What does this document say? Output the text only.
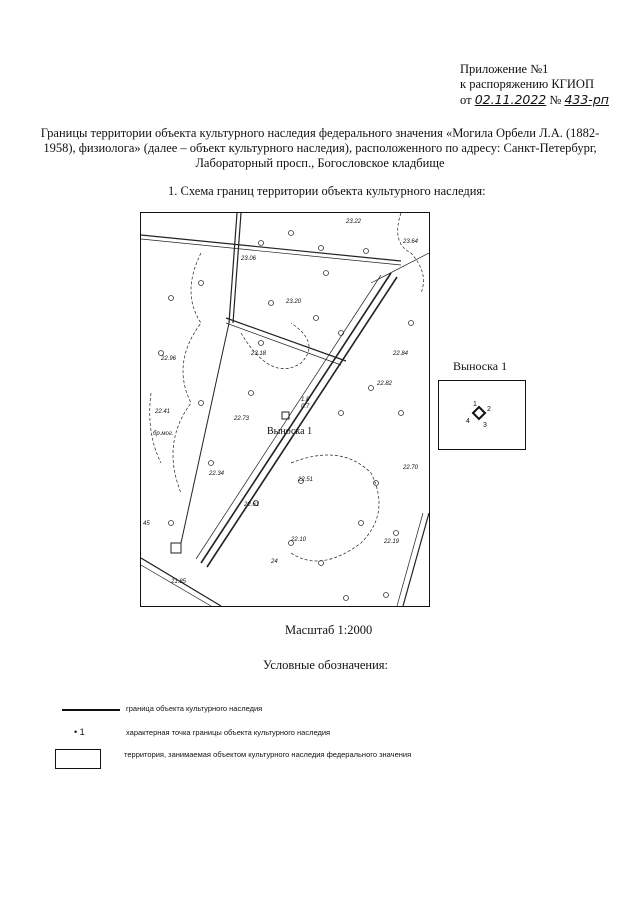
Приложение №1
к распоряжению КГИОП
от 02.11.2022 № 433-рп
Границы территории объекта культурного наследия федерального значения «Могила Орбели Л.А. (1882-1958), физиолога» (далее – объект культурного наследия), расположенного по адресу: Санкт-Петербург, Лабораторный просп., Богословское кладбище
1. Схема границ территории объекта культурного наследия:
23.22
23.06
23.20
23.18
22.96
22.84
22.82
22.41
22.73
22.34
22.51
22.70
22.61
22.10	22.19
21.85
23.64
1.8
0.7
24
45
бр.мог.	Выноска 1
Выноска 1
1
2
3
4
Масштаб 1:2000
Условные обозначения:
граница объекта культурного наследия
• 1	характерная точка границы объекта культурного наследия
территория, занимаемая объектом культурного наследия федерального значения
